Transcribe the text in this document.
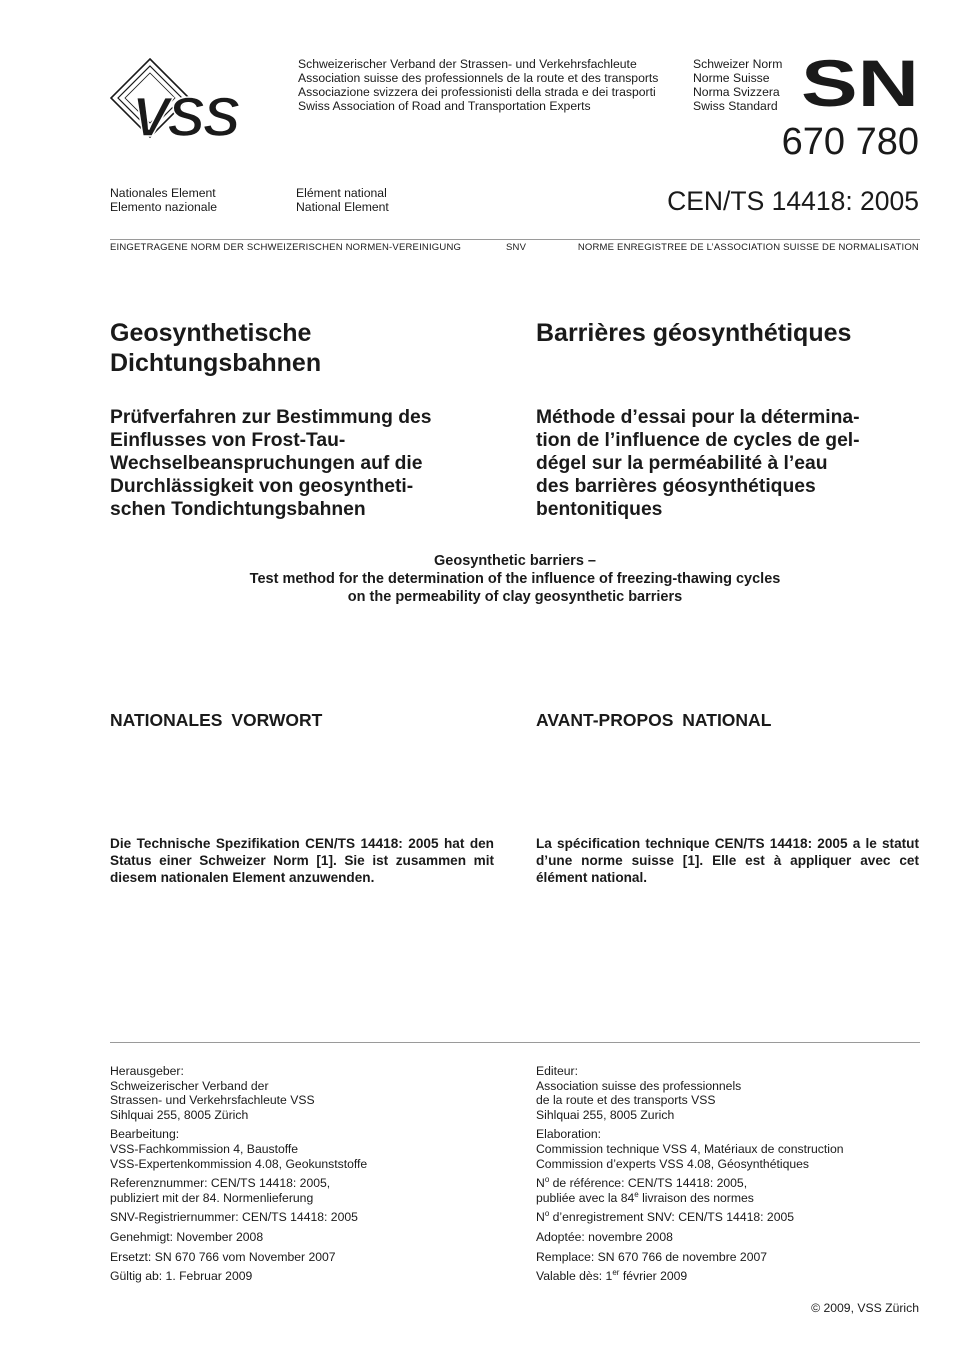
VSS
Schweizerischer Verband der Strassen- und Verkehrsfachleute
Association suisse des professionnels de la route et des transports
Associazione svizzera dei professionisti della strada e dei trasporti
Swiss Association of Road and Transportation Experts
Schweizer Norm
Norme Suisse
Norma Svizzera
Swiss Standard SN
670 780
CEN/TS 14418: 2005
Nationales Element
Elemento nazionale
Elément national
National Element
EINGETRAGENE NORM DER SCHWEIZERISCHEN NORMEN-VEREINIGUNG	SNV	NORME ENREGISTREE DE L’ASSOCIATION SUISSE DE NORMALISATION
Geosynthetische
Dichtungsbahnen
Barrières géosynthétiques
Prüfverfahren zur Bestimmung des
Einflusses von Frost-Tau-
Wechselbeanspruchungen auf die
Durchlässigkeit von geosyntheti-
schen Tondichtungsbahnen
Méthode d’essai pour la détermina-
tion de l’influence de cycles de gel-
dégel sur la perméabilité à l’eau
des barrières géosynthétiques
bentonitiques
Geosynthetic barriers –
Test method for the determination of the influence of freezing-thawing cycles
on the permeability of clay geosynthetic barriers
NATIONALES VORWORT	AVANT-PROPOS NATIONAL
Die Technische Spezifikation CEN/TS 14418: 2005 hat den Status einer Schweizer Norm [1]. Sie ist zusammen mit diesem nationalen Element anzuwenden.
La spécification technique CEN/TS 14418: 2005 a le statut d’une norme suisse [1]. Elle est à appliquer avec cet élément national.
Herausgeber:
Schweizerischer Verband der
Strassen- und Verkehrsfachleute VSS
Sihlquai 255, 8005 Zürich
Bearbeitung:
VSS-Fachkommission 4, Baustoffe
VSS-Expertenkommission 4.08, Geokunststoffe
Referenznummer: CEN/TS 14418: 2005,
publiziert mit der 84. Normenlieferung
SNV-Registriernummer: CEN/TS 14418: 2005
Genehmigt: November 2008
Ersetzt: SN 670 766 vom November 2007
Gültig ab: 1. Februar 2009
Editeur:
Association suisse des professionnels
de la route et des transports VSS
Sihlquai 255, 8005 Zurich
Elaboration:
Commission technique VSS 4, Matériaux de construction
Commission d’experts VSS 4.08, Géosynthétiques
$N^o$ de référence: CEN/TS 14418: 2005,
publiée avec la 84e livraison des normes
$N^o$ d’enregistrement SNV: CEN/TS 14418: 2005
Adoptée: novembre 2008
Remplace: SN 670 766 de novembre 2007
Valable dès: 1er février 2009
© 2009, VSS Zürich
